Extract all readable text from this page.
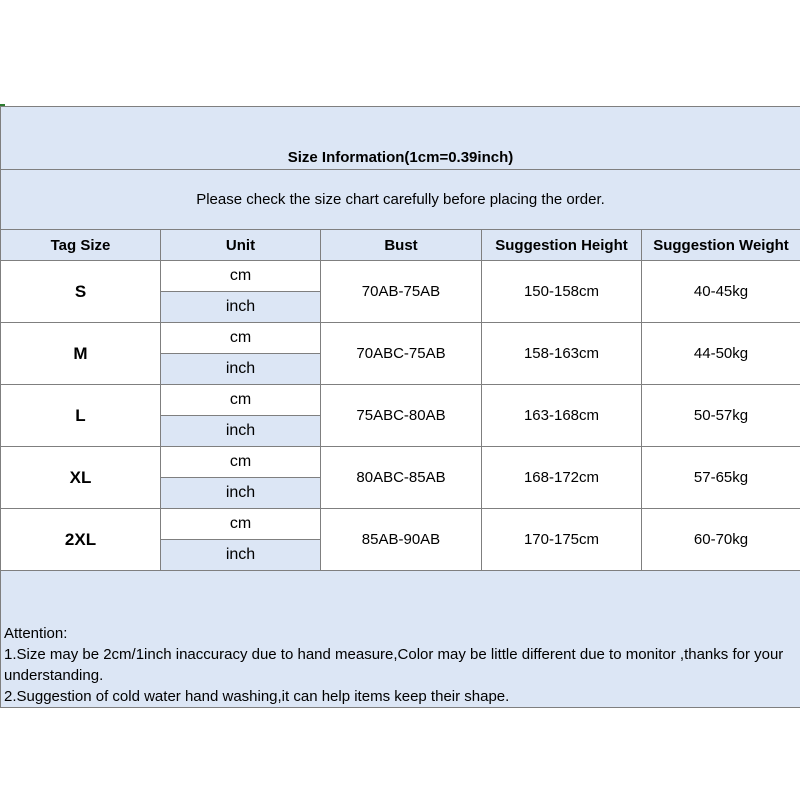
Size Information(1cm=0.39inch)				
Please check the size chart carefully before placing the order.				
Tag Size	Unit	Bust	Suggestion Height	Suggestion Weight
S	cm	70AB-75AB	150-158cm	40-45kg
	inch			
M	cm	70ABC-75AB	158-163cm	44-50kg
	inch			
L	cm	75ABC-80AB	163-168cm	50-57kg
	inch			
XL	cm	80ABC-85AB	168-172cm	57-65kg
	inch			
2XL	cm	85AB-90AB	170-175cm	60-70kg
	inch			

Attention:
1.Size may be 2cm/1inch inaccuracy due to hand measure,Color may be little different due to monitor ,thanks for your understanding.
2.Suggestion of cold water hand washing,it can help items keep their shape.				
